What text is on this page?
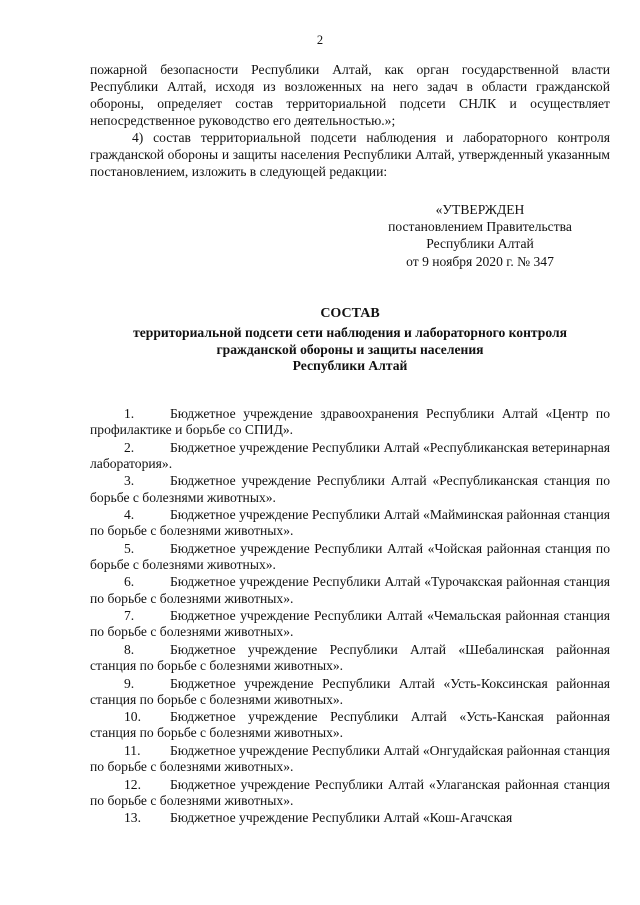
2

пожарной безопасности Республики Алтай, как орган государственной власти Республики Алтай, исходя из возложенных на него задач в области гражданской обороны, определяет состав территориальной подсети СНЛК и осуществляет непосредственное руководство его деятельностью.»;

4) состав территориальной подсети наблюдения и лабораторного контроля гражданской обороны и защиты населения Республики Алтай, утвержденный указанным постановлением, изложить в следующей редакции:

«УТВЕРЖДЕН
постановлением Правительства
Республики Алтай
от 9 ноября 2020 г. № 347
СОСТАВ
территориальной подсети сети наблюдения и лабораторного контроля
гражданской обороны и защиты населения
Республики Алтай

1.	Бюджетное учреждение здравоохранения Республики Алтай «Центр по профилактике и борьбе со СПИД».

2.	Бюджетное учреждение Республики Алтай «Республиканская ветеринарная лаборатория».

3.	Бюджетное учреждение Республики Алтай «Республиканская станция по борьбе с болезнями животных».

4.	Бюджетное учреждение Республики Алтай «Майминская районная станция по борьбе с болезнями животных».

5.	Бюджетное учреждение Республики Алтай «Чойская районная станция по борьбе с болезнями животных».

6.	Бюджетное учреждение Республики Алтай «Турочакская районная станция по борьбе с болезнями животных».

7.	Бюджетное учреждение Республики Алтай «Чемальская районная станция по борьбе с болезнями животных».

8.	Бюджетное учреждение Республики Алтай «Шебалинская районная станция по борьбе с болезнями животных».

9.	Бюджетное учреждение Республики Алтай «Усть-Коксинская районная станция по борьбе с болезнями животных».

10. Бюджетное учреждение Республики Алтай «Усть-Канская районная станция по борьбе с болезнями животных».

11. Бюджетное учреждение Республики Алтай «Онгудайская районная станция по борьбе с болезнями животных».

12. Бюджетное учреждение Республики Алтай «Улаганская районная станция по борьбе с болезнями животных».

13. Бюджетное учреждение Республики Алтай «Кош-Агачская
